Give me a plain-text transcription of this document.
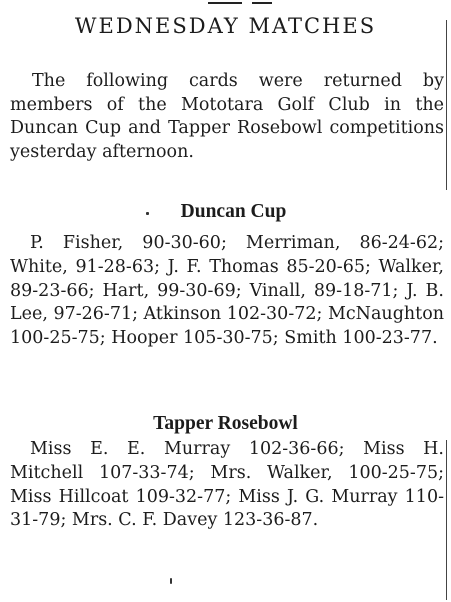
WEDNESDAY MATCHES

The following cards were returned by members of the Mototara Golf Club in the Duncan Cup and Tapper Rosebowl competitions yesterday afternoon.

Duncan Cup

P. Fisher, 90-30-60; Merriman, 86-24-62; White, 91-28-63; J. F. Thomas 85-20-65; Walker, 89-23-66; Hart, 99-30-69; Vinall, 89-18-71; J. B. Lee, 97-26-71; Atkinson 102-30-72; McNaughton 100-25-75; Hooper 105-30-75; Smith 100-23-77.

Tapper Rosebowl

Miss E. E. Murray 102-36-66; Miss H. Mitchell 107-33-74; Mrs. Walker, 100-25-75; Miss Hillcoat 109-32-77; Miss J. G. Murray 110-31-79; Mrs. C. F. Davey 123-36-87.
